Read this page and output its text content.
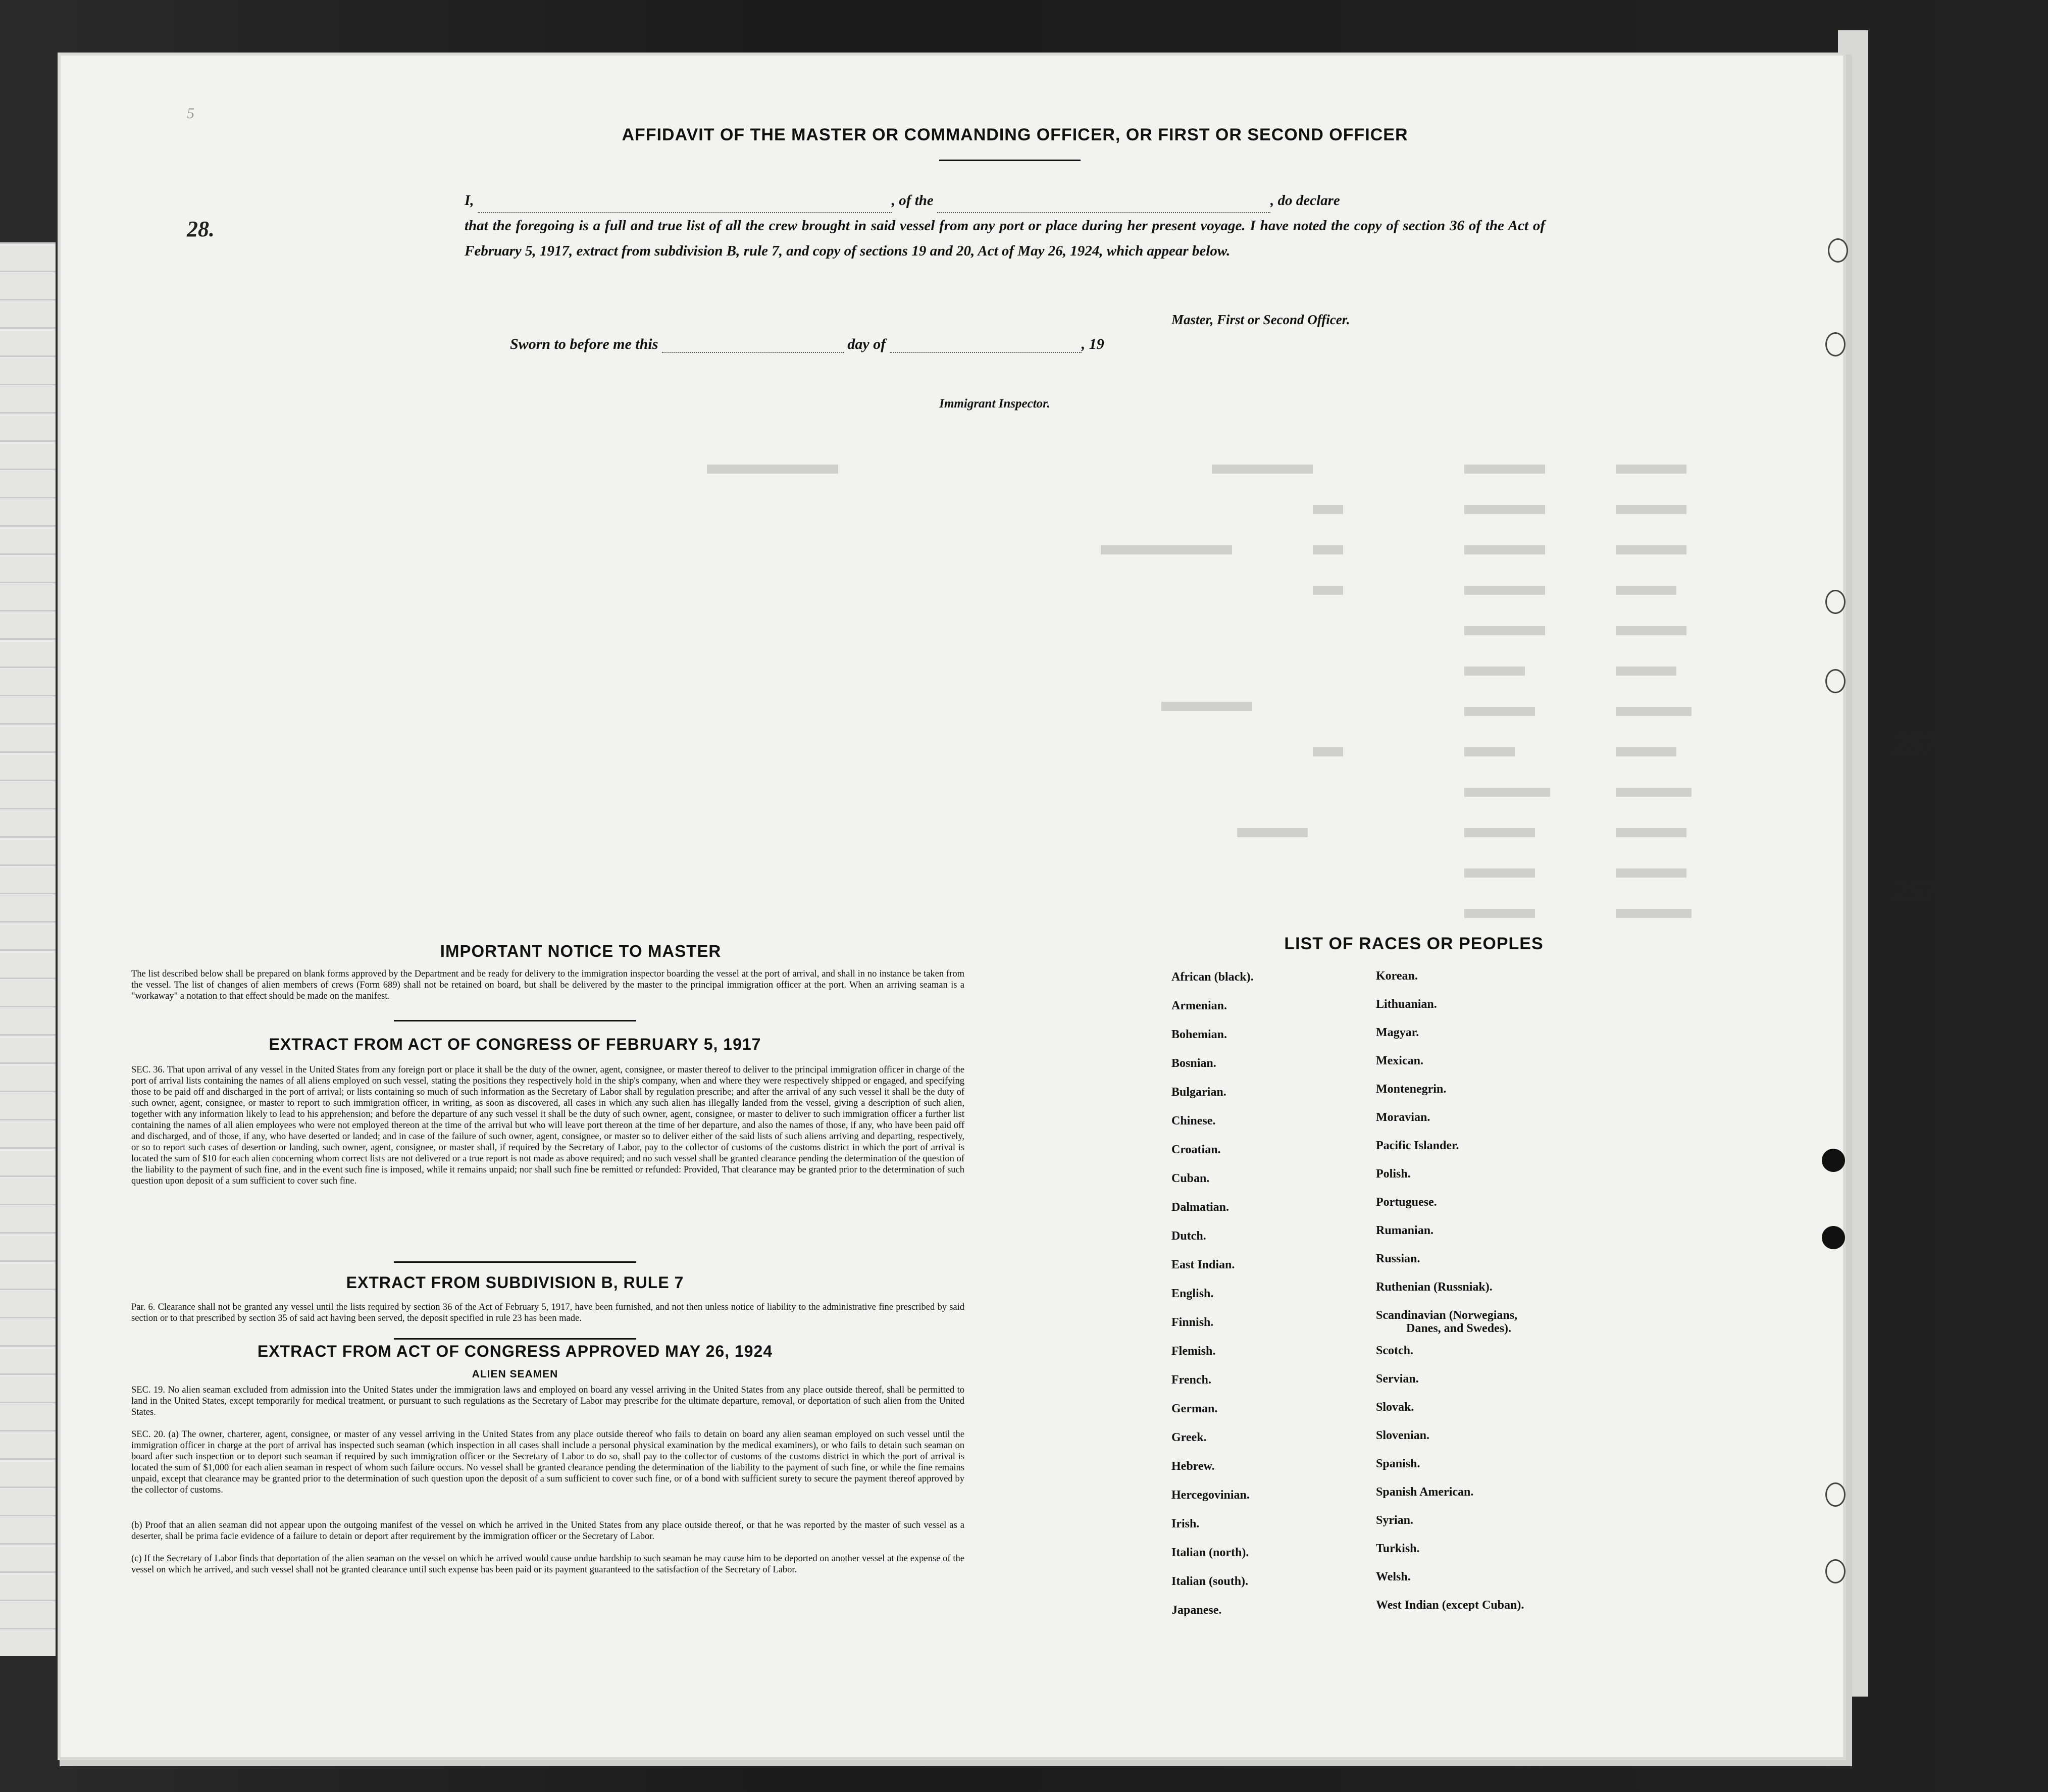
AFFIDAVIT OF THE MASTER OR COMMANDING OFFICER, OR FIRST OR SECOND OFFICER
I,	, of the	, do declare
that the foregoing is a full and true list of all the crew brought in said vessel from any port or place during her present voyage. I have noted the copy of section 36 of the Act of February 5, 1917, extract from subdivision B, rule 7, and copy of sections 19 and 20, Act of May 26, 1924, which appear below.
Master, First or Second Officer.
Sworn to before me this	day of	, 19
Immigrant Inspector.

IMPORTANT NOTICE TO MASTER
The list described below shall be prepared on blank forms approved by the Department and be ready for delivery to the immigration inspector boarding the vessel at the port of arrival, and shall in no instance be taken from the vessel. The list of changes of alien members of crews (Form 689) shall not be retained on board, but shall be delivered by the master to the principal immigration officer at the port. When an arriving seaman is a "workaway" a notation to that effect should be made on the manifest.
EXTRACT FROM ACT OF CONGRESS OF FEBRUARY 5, 1917
SEC. 36. That upon arrival of any vessel in the United States from any foreign port or place it shall be the duty of the owner, agent, consignee, or master thereof to deliver to the principal immigration officer in charge of the port of arrival lists containing the names of all aliens employed on such vessel, stating the positions they respectively hold in the ship's company, when and where they were respectively shipped or engaged, and specifying those to be paid off and discharged in the port of arrival; or lists containing so much of such information as the Secretary of Labor shall by regulation prescribe; and after the arrival of any such vessel it shall be the duty of such owner, agent, consignee, or master to report to such immigration officer, in writing, as soon as discovered, all cases in which any such alien has illegally landed from the vessel, giving a description of such alien, together with any information likely to lead to his apprehension; and before the departure of any such vessel it shall be the duty of such owner, agent, consignee, or master to deliver to such immigration officer a further list containing the names of all alien employees who were not employed thereon at the time of the arrival but who will leave port thereon at the time of her departure, and also the names of those, if any, who have been paid off and discharged, and of those, if any, who have deserted or landed; and in case of the failure of such owner, agent, consignee, or master so to deliver either of the said lists of such aliens arriving and departing, respectively, or so to report such cases of desertion or landing, such owner, agent, consignee, or master shall, if required by the Secretary of Labor, pay to the collector of customs of the customs district in which the port of arrival is located the sum of $10 for each alien concerning whom correct lists are not delivered or a true report is not made as above required; and no such vessel shall be granted clearance pending the determination of the question of the liability to the payment of such fine, and in the event such fine is imposed, while it remains unpaid; nor shall such fine be remitted or refunded: Provided, That clearance may be granted prior to the determination of such question upon deposit of a sum sufficient to cover such fine.
EXTRACT FROM SUBDIVISION B, RULE 7
Par. 6. Clearance shall not be granted any vessel until the lists required by section 36 of the Act of February 5, 1917, have been furnished, and not then unless notice of liability to the administrative fine prescribed by said section or to that prescribed by section 35 of said act having been served, the deposit specified in rule 23 has been made.
EXTRACT FROM ACT OF CONGRESS APPROVED MAY 26, 1924
ALIEN SEAMEN
SEC. 19. No alien seaman excluded from admission into the United States under the immigration laws and employed on board any vessel arriving in the United States from any place outside thereof, shall be permitted to land in the United States, except temporarily for medical treatment, or pursuant to such regulations as the Secretary of Labor may prescribe for the ultimate departure, removal, or deportation of such alien from the United States.
SEC. 20. (a) The owner, charterer, agent, consignee, or master of any vessel arriving in the United States from any place outside thereof who fails to detain on board any alien seaman employed on such vessel until the immigration officer in charge at the port of arrival has inspected such seaman (which inspection in all cases shall include a personal physical examination by the medical examiners), or who fails to detain such seaman on board after such inspection or to deport such seaman if required by such immigration officer or the Secretary of Labor to do so, shall pay to the collector of customs of the customs district in which the port of arrival is located the sum of $1,000 for each alien seaman in respect of whom such failure occurs. No vessel shall be granted clearance pending the determination of the liability to the payment of such fine, or while the fine remains unpaid, except that clearance may be granted prior to the determination of such question upon the deposit of a sum sufficient to cover such fine, or of a bond with sufficient surety to secure the payment thereof approved by the collector of customs.
(b) Proof that an alien seaman did not appear upon the outgoing manifest of the vessel on which he arrived in the United States from any place outside thereof, or that he was reported by the master of such vessel as a deserter, shall be prima facie evidence of a failure to detain or deport after requirement by the immigration officer or the Secretary of Labor.
(c) If the Secretary of Labor finds that deportation of the alien seaman on the vessel on which he arrived would cause undue hardship to such seaman he may cause him to be deported on another vessel at the expense of the vessel on which he arrived, and such vessel shall not be granted clearance until such expense has been paid or its payment guaranteed to the satisfaction of the Secretary of Labor.
LIST OF RACES OR PEOPLES
African (black).
Armenian.
Bohemian.
Bosnian.
Bulgarian.
Chinese.
Croatian.
Cuban.
Dalmatian.
Dutch.
East Indian.
English.
Finnish.
Flemish.
French.
German.
Greek.
Hebrew.
Hercegovinian.
Irish.
Italian (north).
Italian (south).
Japanese.
Korean.
Lithuanian.
Magyar.
Mexican.
Montenegrin.
Moravian.
Pacific Islander.
Polish.
Portuguese.
Rumanian.
Russian.
Ruthenian (Russniak).
Scandinavian (Norwegians,
Danes, and Swedes).
Scotch.
Servian.
Slovak.
Slovenian.
Spanish.
Spanish American.
Syrian.
Turkish.
Welsh.
West Indian (except Cuban).
28.
5
257
257
